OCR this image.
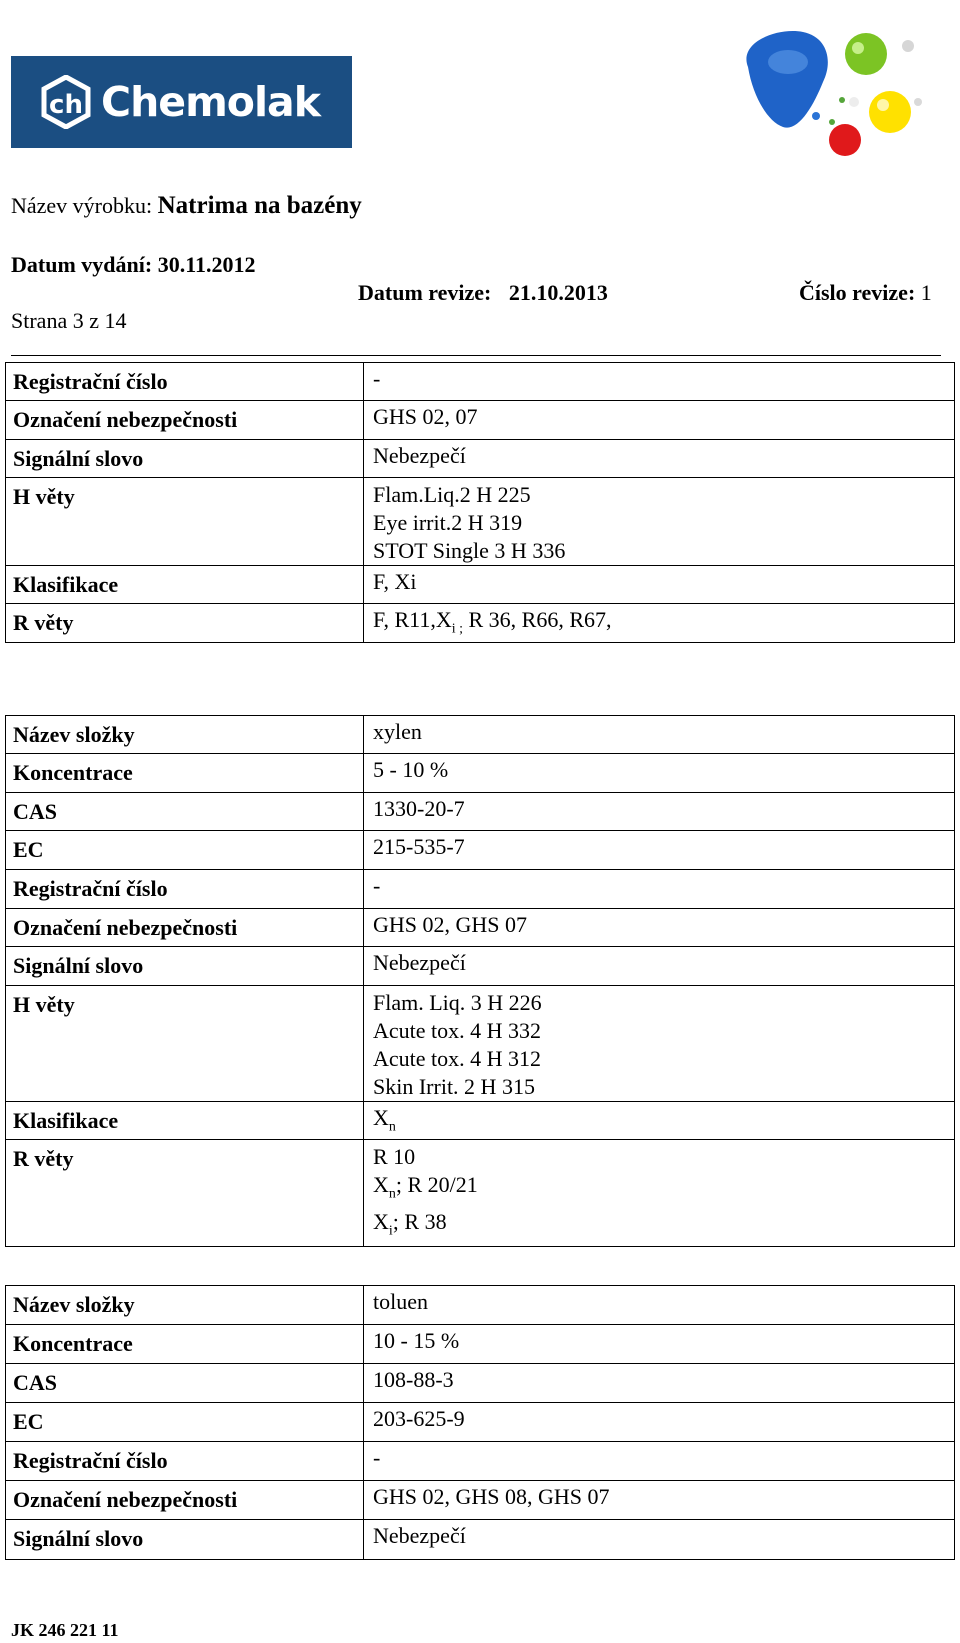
ch Chemolak
Název výrobku: Natrima na bazény
Datum vydání: 30.11.2012
Datum revize: 21.10.2013	Číslo revize: 1
Strana 3 z 14
Registrační číslo	-
Označení nebezpečnosti	GHS 02, 07
Signální slovo	Nebezpečí
H věty	Flam.Liq.2 H 225
Eye irrit.2 H 319
STOT Single 3 H 336

Klasifikace	F, Xi
R věty	F, $R11,X_{i ;}$ R 36, R66, R67,
Název složky	xylen
Koncentrace	5 - 10 %
CAS	1330-20-7
EC	215-535-7
Registrační číslo	-
Označení nebezpečnosti	GHS 02, GHS 07
Signální slovo	Nebezpečí
H věty	Flam. Liq. 3 H 226
Acute tox. 4 H 332
Acute tox. 4 H 312
Skin Irrit. 2 H 315

Klasifikace	$X_n$
R věty	R 10
$X_n$; R 20/21
$X_i$; R 38
Název složky	toluen
Koncentrace	10 - 15 %
CAS	108-88-3
EC	203-625-9
Registrační číslo	-
Označení nebezpečnosti	GHS 02, GHS 08, GHS 07
Signální slovo	Nebezpečí
JK 246 221 11
